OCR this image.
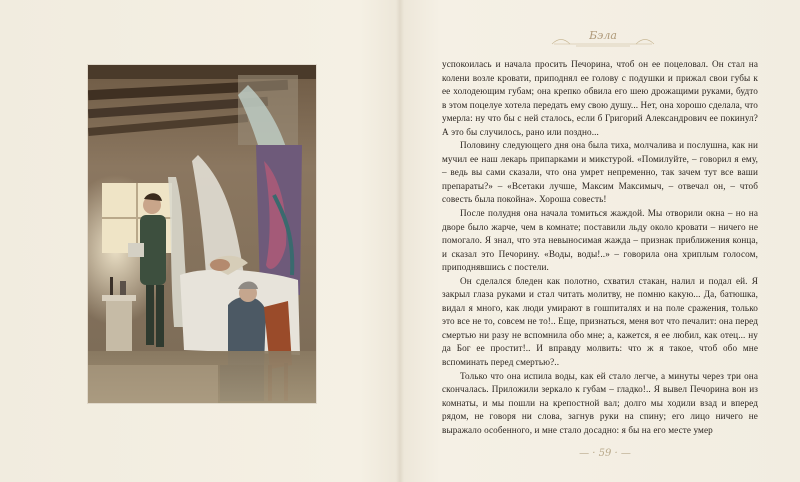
Бэла

успокоилась и начала просить Печорина, чтоб он ее поцеловал. Он стал на колени возле кровати, приподнял ее голову с подушки и прижал свои губы к ее холодеющим губам; она крепко обвила его шею дрожащими руками, будто в этом поцелуе хотела передать ему свою душу... Нет, она хорошо сделала, что умерла: ну что бы с ней сталось, если б Григорий Александрович ее покинул? А это бы случилось, рано или поздно...

Половину следующего дня она была тиха, молчалива и послушна, как ни мучил ее наш лекарь припарками и микстурой. «Помилуйте, – говорил я ему, – ведь вы сами сказали, что она умрет непременно, так зачем тут все ваши препараты?» – «Всетаки лучше, Максим Максимыч, – отвечал он, – чтоб совесть была покойна». Хороша совесть!

После полудня она начала томиться жаждой. Мы отворили окна – но на дворе было жарче, чем в комнате; поставили льду около кровати – ничего не помогало. Я знал, что эта невыносимая жажда – признак приближения конца, и сказал это Печорину. «Воды, воды!..» – говорила она хриплым голосом, приподнявшись с постели.

Он сделался бледен как полотно, схватил стакан, налил и подал ей. Я закрыл глаза руками и стал читать молитву, не помню какую... Да, батюшка, видал я много, как люди умирают в гошпиталях и на поле сражения, только это все не то, совсем не то!.. Еще, признаться, меня вот что печалит: она перед смертью ни разу не вспомнила обо мне; а, кажется, я ее любил, как отец... ну да Бог ее простит!.. И вправду молвить: что ж я такое, чтоб обо мне вспоминать перед смертью?..

Только что она испила воды, как ей стало легче, а минуты через три она скончалась. Приложили зеркало к губам – гладко!.. Я вывел Печорина вон из комнаты, и мы пошли на крепостной вал; долго мы ходили взад и вперед рядом, не говоря ни слова, загнув руки на спину; его лицо ничего не выражало особенного, и мне стало досадно: я бы на его месте умер

— · 59 · —
